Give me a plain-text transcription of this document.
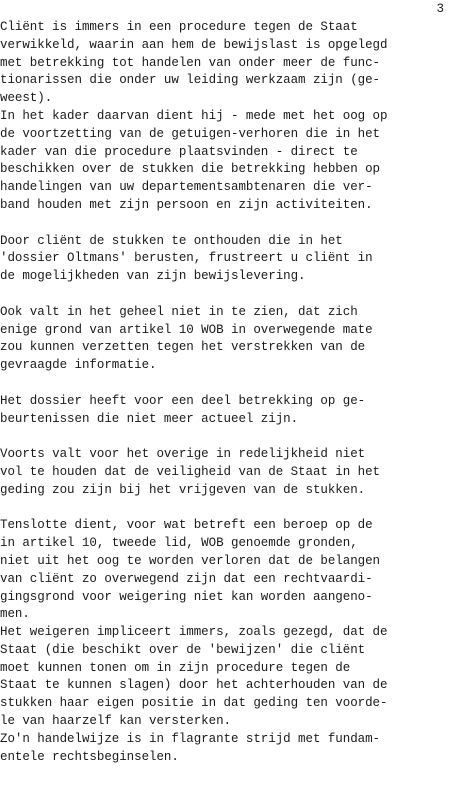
3

Cliënt is immers in een procedure tegen de Staat
verwikkeld, waarin aan hem de bewijslast is opgelegd
met betrekking tot handelen van onder meer de func-
tionarissen die onder uw leiding werkzaam zijn (ge-
weest).

In het kader daarvan dient hij - mede met het oog op
de voortzetting van de getuigen-verhoren die in het
kader van die procedure plaatsvinden - direct te
beschikken over de stukken die betrekking hebben op
handelingen van uw departementsambtenaren die ver-
band houden met zijn persoon en zijn activiteiten.

Door cliënt de stukken te onthouden die in het
'dossier Oltmans' berusten, frustreert u cliënt in
de mogelijkheden van zijn bewijslevering.

Ook valt in het geheel niet in te zien, dat zich
enige grond van artikel 10 WOB in overwegende mate
zou kunnen verzetten tegen het verstrekken van de
gevraagde informatie.

Het dossier heeft voor een deel betrekking op ge-
beurtenissen die niet meer actueel zijn.

Voorts valt voor het overige in redelijkheid niet
vol te houden dat de veiligheid van de Staat in het
geding zou zijn bij het vrijgeven van de stukken.

Tenslotte dient, voor wat betreft een beroep op de
in artikel 10, tweede lid, WOB genoemde gronden,
niet uit het oog te worden verloren dat de belangen
van cliënt zo overwegend zijn dat een rechtvaardi-
gingsgrond voor weigering niet kan worden aangeno-
men.

Het weigeren impliceert immers, zoals gezegd, dat de
Staat (die beschikt over de 'bewijzen' die cliënt
moet kunnen tonen om in zijn procedure tegen de
Staat te kunnen slagen) door het achterhouden van de
stukken haar eigen positie in dat geding ten voorde-
le van haarzelf kan versterken.

Zo'n handelwijze is in flagrante strijd met fundam-
entele rechtsbeginselen.
